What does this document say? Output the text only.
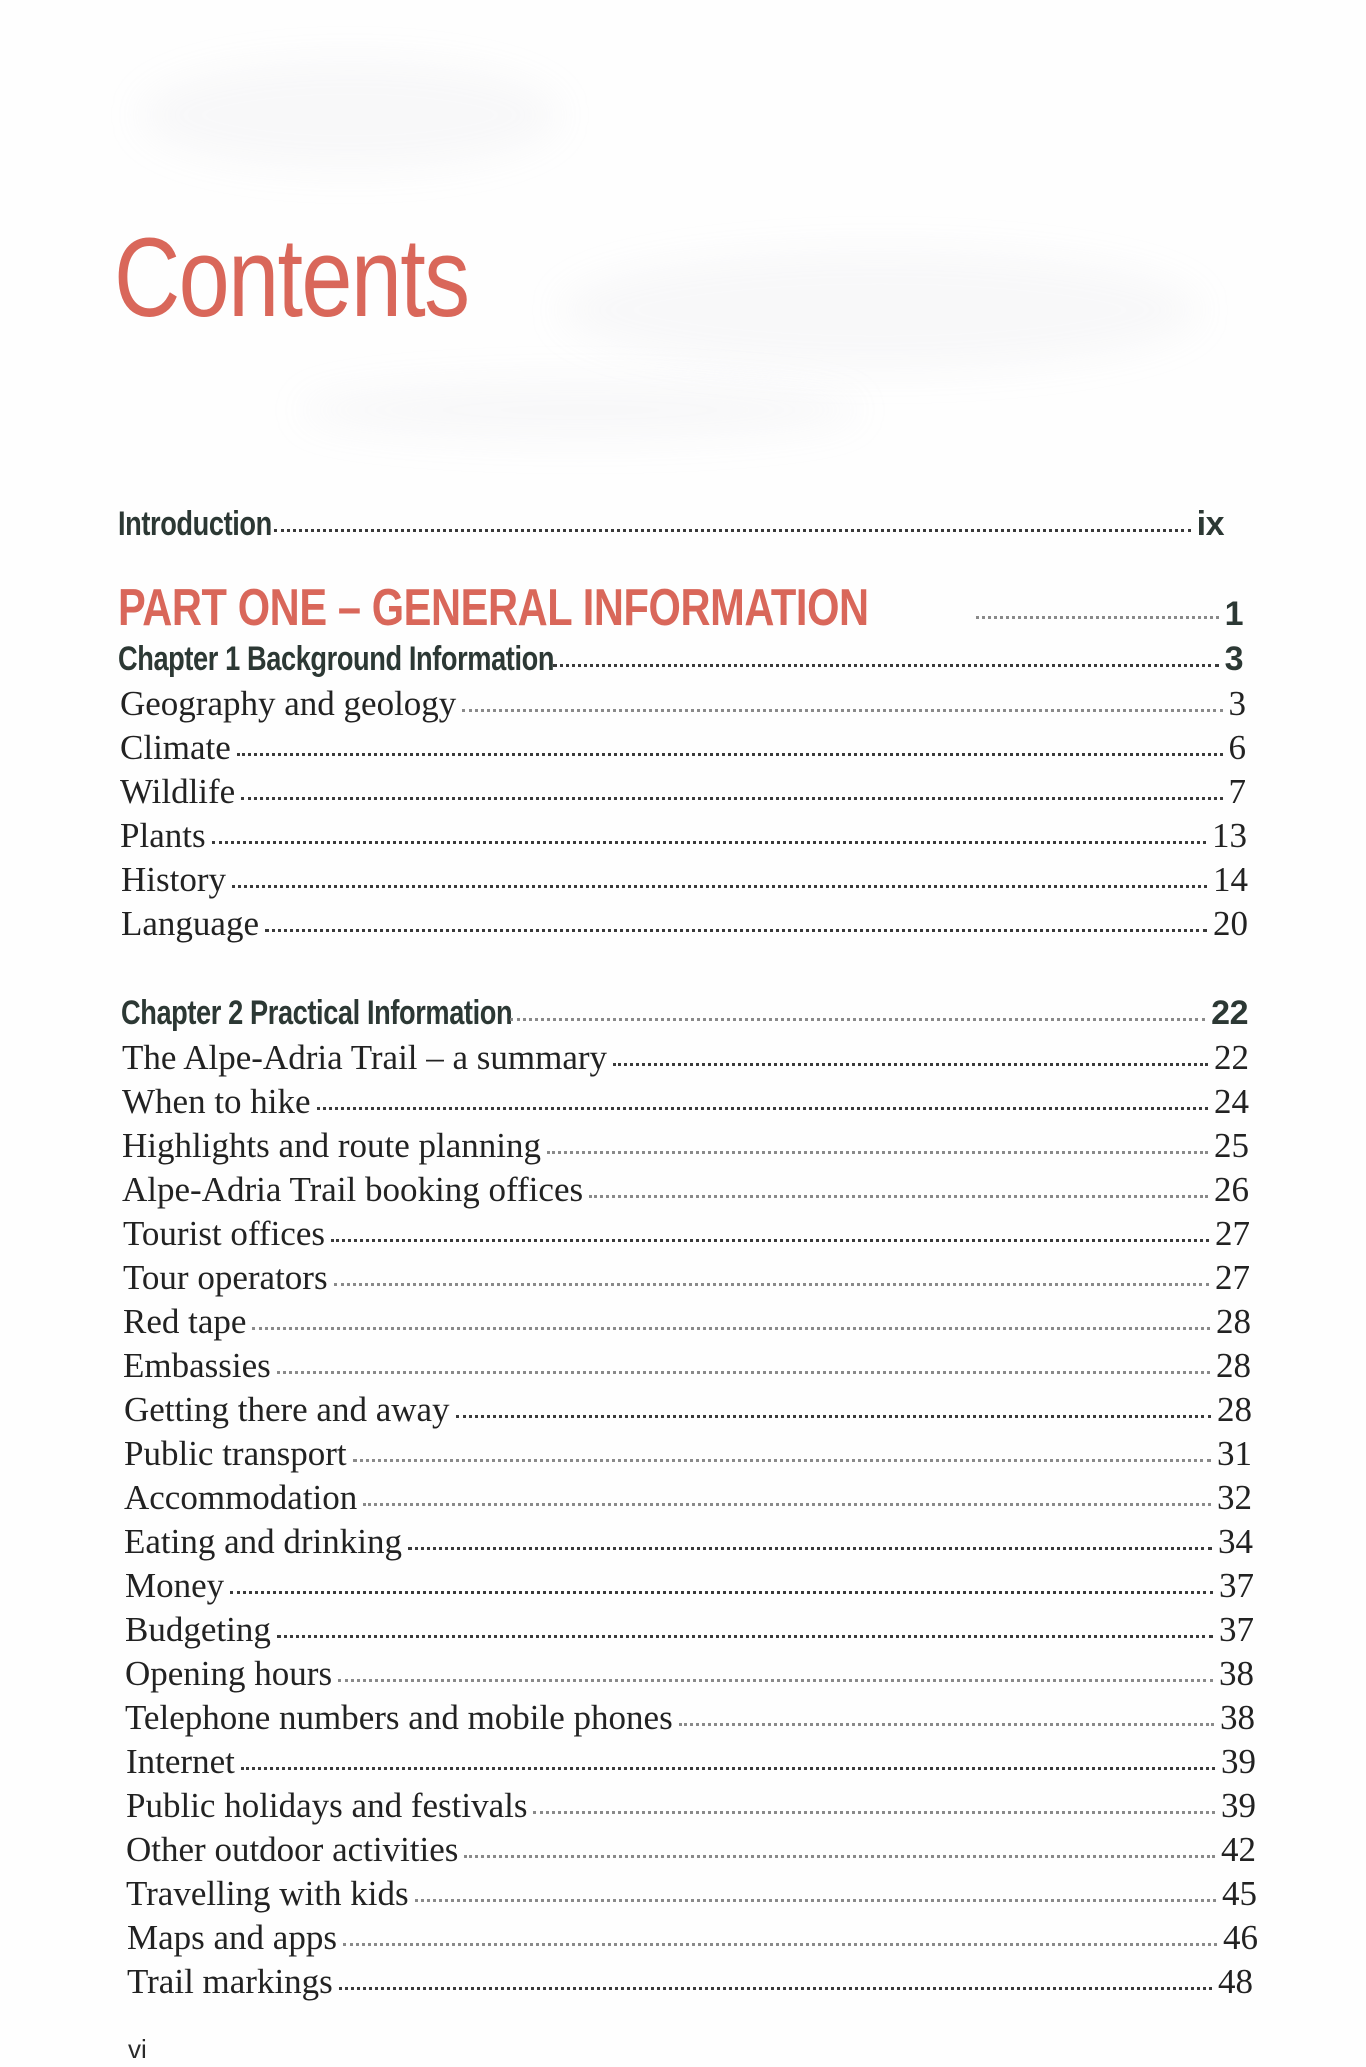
Contents
Introduction	ix
PART ONE – GENERAL INFORMATION	1
Chapter 1 Background Information	3
Geography and geology	3
Climate	6
Wildlife	7
Plants	13
History	14
Language	20
Chapter 2 Practical Information	22
The Alpe-Adria Trail – a summary	22
When to hike	24
Highlights and route planning	25
Alpe-Adria Trail booking offices	26
Tourist offices	27
Tour operators	27
Red tape	28
Embassies	28
Getting there and away	28
Public transport	31
Accommodation	32
Eating and drinking	34
Money	37
Budgeting	37
Opening hours	38
Telephone numbers and mobile phones	38
Internet	39
Public holidays and festivals	39
Other outdoor activities	42
Travelling with kids	45
Maps and apps	46
Trail markings	48
vi
